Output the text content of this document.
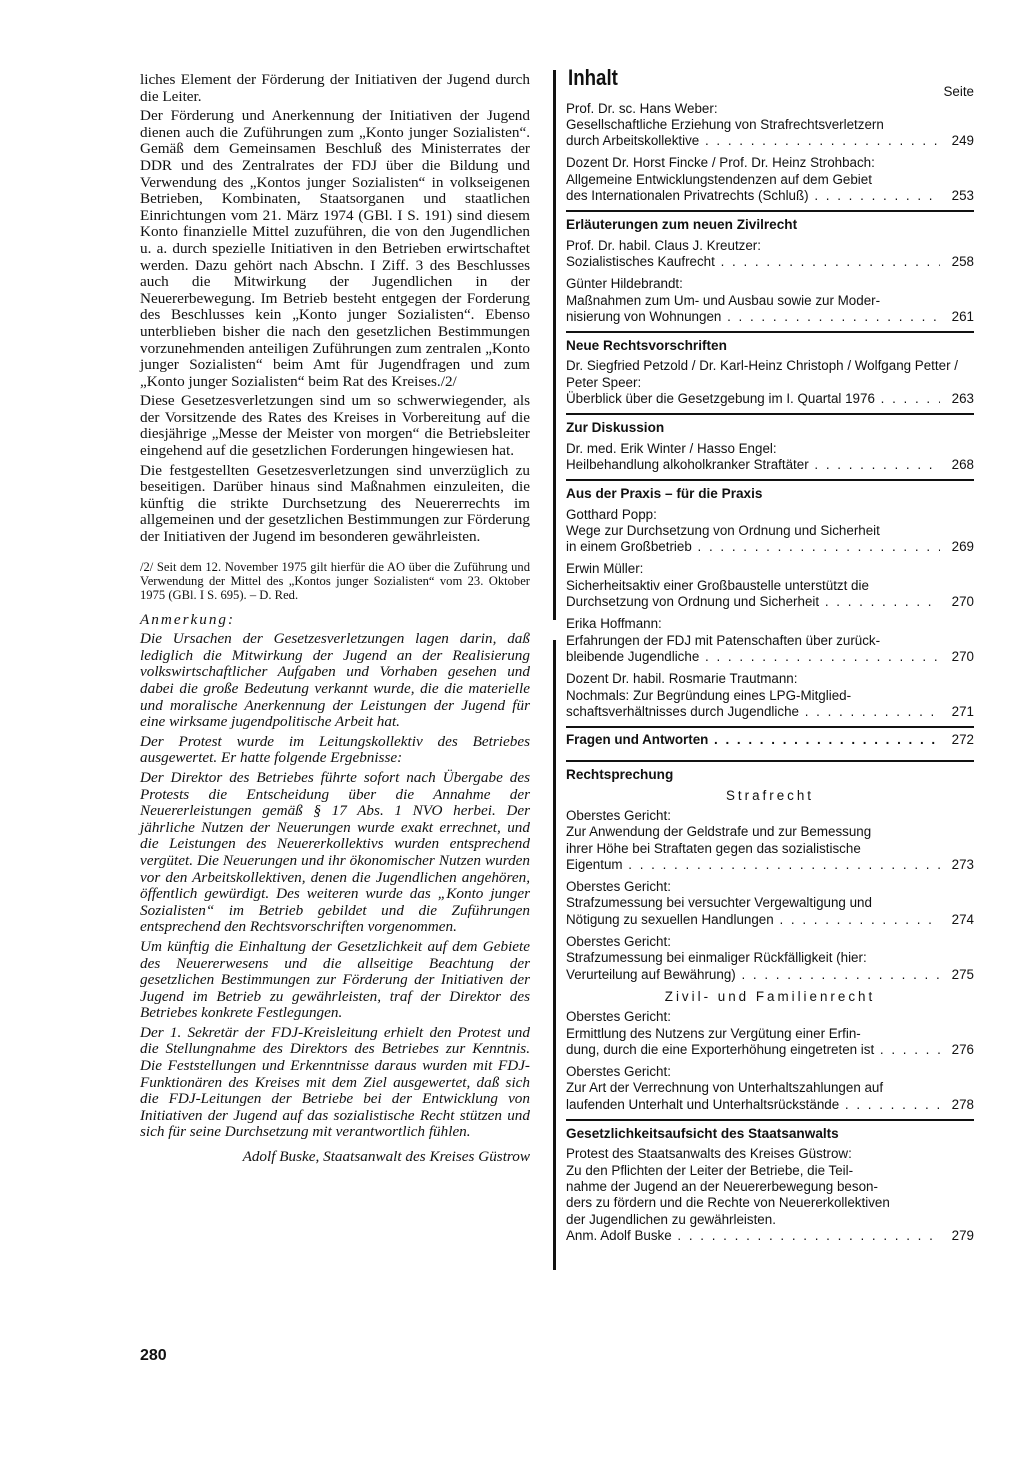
liches Element der Förderung der Initiativen der Jugend durch die Leiter.

Der Förderung und Anerkennung der Initiativen der Jugend dienen auch die Zuführungen zum „Konto junger Sozialisten“. Gemäß dem Gemeinsamen Beschluß des Ministerrates der DDR und des Zentralrates der FDJ über die Bildung und Verwendung des „Kontos junger Sozialisten“ in volkseigenen Betrieben, Kombinaten, Staatsorganen und staatlichen Einrichtungen vom 21. März 1974 (GBl. I S. 191) sind diesem Konto finanzielle Mittel zuzuführen, die von den Jugendlichen u. a. durch spezielle Initiativen in den Betrieben erwirtschaftet werden. Dazu gehört nach Abschn. I Ziff. 3 des Beschlusses auch die Mitwirkung der Jugendlichen in der Neuererbewegung. Im Betrieb besteht entgegen der Forderung des Beschlusses kein „Konto junger Sozialisten“. Ebenso unterblieben bisher die nach den gesetzlichen Bestimmungen vorzunehmenden anteiligen Zuführungen zum zentralen „Konto junger Sozialisten“ beim Amt für Jugendfragen und zum „Konto junger Sozialisten“ beim Rat des Kreises./2/

Diese Gesetzesverletzungen sind um so schwerwiegender, als der Vorsitzende des Rates des Kreises in Vorbereitung auf die diesjährige „Messe der Meister von morgen“ die Betriebsleiter eingehend auf die gesetzlichen Forderungen hingewiesen hat.

Die festgestellten Gesetzesverletzungen sind unverzüglich zu beseitigen. Darüber hinaus sind Maßnahmen einzuleiten, die künftig die strikte Durchsetzung des Neuererrechts im allgemeinen und der gesetzlichen Bestimmungen zur Förderung der Initiativen der Jugend im besonderen gewährleisten.

/2/ Seit dem 12. November 1975 gilt hierfür die AO über die Zuführung und Verwendung der Mittel des „Kontos junger Sozialisten“ vom 23. Oktober 1975 (GBl. I S. 695). – D. Red.

Anmerkung:

Die Ursachen der Gesetzesverletzungen lagen darin, daß lediglich die Mitwirkung der Jugend an der Realisierung volkswirtschaftlicher Aufgaben und Vorhaben gesehen und dabei die große Bedeutung verkannt wurde, die die materielle und moralische Anerkennung der Leistungen der Jugend für eine wirksame jugendpolitische Arbeit hat.

Der Protest wurde im Leitungskollektiv des Betriebes ausgewertet. Er hatte folgende Ergebnisse:

Der Direktor des Betriebes führte sofort nach Übergabe des Protests die Entscheidung über die Annahme der Neuererleistungen gemäß § 17 Abs. 1 NVO herbei. Der jährliche Nutzen der Neuerungen wurde exakt errechnet, und die Leistungen des Neuererkollektivs wurden entsprechend vergütet. Die Neuerungen und ihr ökonomischer Nutzen wurden vor den Arbeitskollektiven, denen die Jugendlichen angehören, öffentlich gewürdigt. Des weiteren wurde das „Konto junger Sozialisten“ im Betrieb gebildet und die Zuführungen entsprechend den Rechtsvorschriften vorgenommen.

Um künftig die Einhaltung der Gesetzlichkeit auf dem Gebiete des Neuererwesens und die allseitige Beachtung der gesetzlichen Bestimmungen zur Förderung der Initiativen der Jugend im Betrieb zu gewährleisten, traf der Direktor des Betriebes konkrete Festlegungen.

Der 1. Sekretär der FDJ-Kreisleitung erhielt den Protest und die Stellungnahme des Direktors des Betriebes zur Kenntnis. Die Feststellungen und Erkenntnisse daraus wurden mit FDJ-Funktionären des Kreises mit dem Ziel ausgewertet, daß sich die FDJ-Leitungen der Betriebe bei der Entwicklung von Initiativen der Jugend auf das sozialistische Recht stützen und sich für seine Durchsetzung mit verantwortlich fühlen.

Adolf Buske, Staatsanwalt des Kreises Güstrow

280
Inhalt
Seite
Prof. Dr. sc. Hans Weber:
Gesellschaftliche Erziehung von Strafrechtsverletzern
durch Arbeitskollektive . . .	249
Dozent Dr. Horst Fincke / Prof. Dr. Heinz Strohbach:
Allgemeine Entwicklungstendenzen auf dem Gebiet
des Internationalen Privatrechts (Schluß) . . .	253
Erläuterungen zum neuen Zivilrecht
Prof. Dr. habil. Claus J. Kreutzer:
Sozialistisches Kaufrecht . . .	258
Günter Hildebrandt:
Maßnahmen zum Um- und Ausbau sowie zur Moder-
nisierung von Wohnungen . . .	261
Neue Rechtsvorschriften
Dr. Siegfried Petzold / Dr. Karl-Heinz Christoph / Wolfgang Petter / Peter Speer:
Überblick über die Gesetzgebung im I. Quartal 1976 . . .	263
Zur Diskussion
Dr. med. Erik Winter / Hasso Engel:
Heilbehandlung alkoholkranker Straftäter . . .	268
Aus der Praxis – für die Praxis
Gotthard Popp:
Wege zur Durchsetzung von Ordnung und Sicherheit
in einem Großbetrieb . . .	269
Erwin Müller:
Sicherheitsaktiv einer Großbaustelle unterstützt die
Durchsetzung von Ordnung und Sicherheit . . .	270
Erika Hoffmann:
Erfahrungen der FDJ mit Patenschaften über zurück-
bleibende Jugendliche . . .	270
Dozent Dr. habil. Rosmarie Trautmann:
Nochmals: Zur Begründung eines LPG-Mitglied-
schaftsverhältnisses durch Jugendliche . . .	271
Fragen und Antworten . . .	272
Rechtsprechung
Strafrecht
Oberstes Gericht:
Zur Anwendung der Geldstrafe und zur Bemessung
ihrer Höhe bei Straftaten gegen das sozialistische
Eigentum . . .	273
Oberstes Gericht:
Strafzumessung bei versuchter Vergewaltigung und
Nötigung zu sexuellen Handlungen . . .	274
Oberstes Gericht:
Strafzumessung bei einmaliger Rückfälligkeit (hier:
Verurteilung auf Bewährung) . . .	275
Zivil- und Familienrecht
Oberstes Gericht:
Ermittlung des Nutzens zur Vergütung einer Erfin-
dung, durch die eine Exporterhöhung eingetreten ist . . .	276
Oberstes Gericht:
Zur Art der Verrechnung von Unterhaltszahlungen auf
laufenden Unterhalt und Unterhaltsrückstände . . .	278
Gesetzlichkeitsaufsicht des Staatsanwalts
Protest des Staatsanwalts des Kreises Güstrow:
Zu den Pflichten der Leiter der Betriebe, die Teil-
nahme der Jugend an der Neuererbewegung beson-
ders zu fördern und die Rechte von Neuererkollektiven
der Jugendlichen zu gewährleisten.
Anm. Adolf Buske . . .	279
